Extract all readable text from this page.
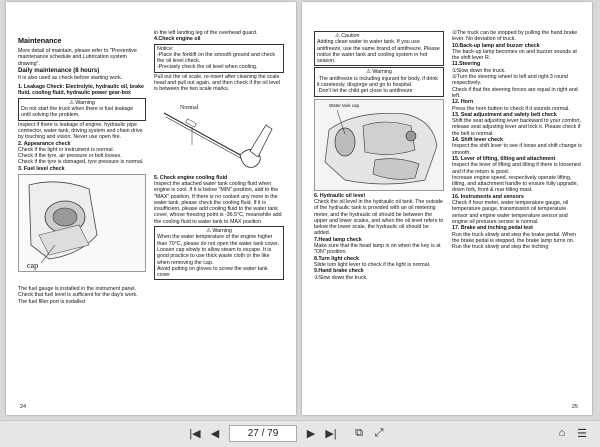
Maintenance

More detail of maintain, please refer to "Preventive maintenance schedule and Lubrication system drawing".

Daily maintenance (8 hours)

It is also used as check before starting work.

1. Leakage Check: Electrolyte, hydraulic oil, brake fluid, cooling fluid, hydraulic power gear-box

⚠ Warning

Do not start the truck when there is fuel leakage until solving the problem.

Inspect if there is leakage of engine, hydraulic pipe connector, water tank, driving system and chain drive by touching and vision. Never use open fire.

2. Appearance check

Check if the light or instrument is normal.

Check if the tyre, air pressure or bolt looses.

Check if the tyre is damaged, tyre pressure is normal.

3. Fuel level check

cap

The fuel gauge is installed in the instrument panel. Check that fuel level is sufficient for the day's work. The fuel filler port is installed

in the left landing leg of the overhead guard.

4.Check engine oil

Notice:

-Place the forklift on the smooth ground and check the oil level check.

-Precisely check the oil level when cooling.

Pull out the oil scale, re-insert after cleaning the scale head and pull out again, and then check if the oil level is between the two scale marks.

Normal

5. Check engine cooling fluid

Inspect the attached water tank cooling fluid when engine is cool. If it is below "MIN" position, add to the "MAX" position. If there is no coolant any more in the water tank, please check the cooling fluid. If it is insufficient, please add cooling fluid to the water tank cover, whose freezing point is -36.5°C, meanwhile add the cooling fluid to water tank to MAX position.

⚠ Warning

When the water temperature of the engine higher than 70°C, please do not open the water tank cover. Loosen cap slowly to allow steam to escape. It is good practice to use thick waste cloth or the like when removing the cap.

Avoid putting on gloves to screw the water tank cover

24

⚠ Caution

Adding clean water to water tank. If you use antifreeze, use the same brand of antifreeze. Please notice the water tank and cooling system in hot season.

⚠ Warning

·The antifreeze is including injurant for body, if drink it carelessly, disgorge and go to hospital.

·Don't let the child get close to antifreeze

Water tank cap

6. Hydraulic oil level

Check the oil level in the hydraulic oil tank. The outside of the hydraulic tank is provided with an oil metering meter, and the hydraulic oil should be between the upper and lower scales, and when the oil level refers to below the lower scale, the hydraulic oil should be added.

7.Head lamp check

Make sure that the head lamp is on when the key is at "ON" position.

8.Turn light check

Slide turn light lever to check if the light is normal.

9.Hand brake check

①Slow down the truck.

②The truck can be stopped by pulling the hand brake lever. No deviation of truck.

10.Back-up lamp and buzzer check

The back-up lamp becomes on and buzzer sounds at the shift lever R.

11.Steering

①Slow down the truck.

②Turn the steering wheel to left and right 3 round respectively.

Check if that the steering forces are equal in right and left.

12. Horn

Press the horn button to check if it sounds normal.

13. Seat adjustment and safety belt check

Shift the seat adjusting lever backward to your comfort, release seat adjusting lever and lock it. Please check if the belt is normal.

14. Shift lever check

Inspect the shift lever to see if loose and shift change is smooth.

15. Lever of lifting, tilting and attachment

Inspect the lever of lifting and tilting if there is loosened and if the return is good.

Increase engine speed, respectively operate lifting, tilting, and attachment handle to ensure fully upgrade, down fork, front & rear tilting mast.

16. Instruments and sensors

Check if hour meter, water temperature gauge, oil temperature gauge, transmission oil temperature sensor and engine water temperature sensor and engine oil pressure sensor is normal.

17. Brake and inching pedal test

Run the truck slowly and step the brake pedal. When the brake pedal is stepped, the brake lamp turns on.

Run the truck slowly and step the inching

25
|◀ ◀	27 / 79	▶ ▶|	⧉	⤢	⌂	☰
